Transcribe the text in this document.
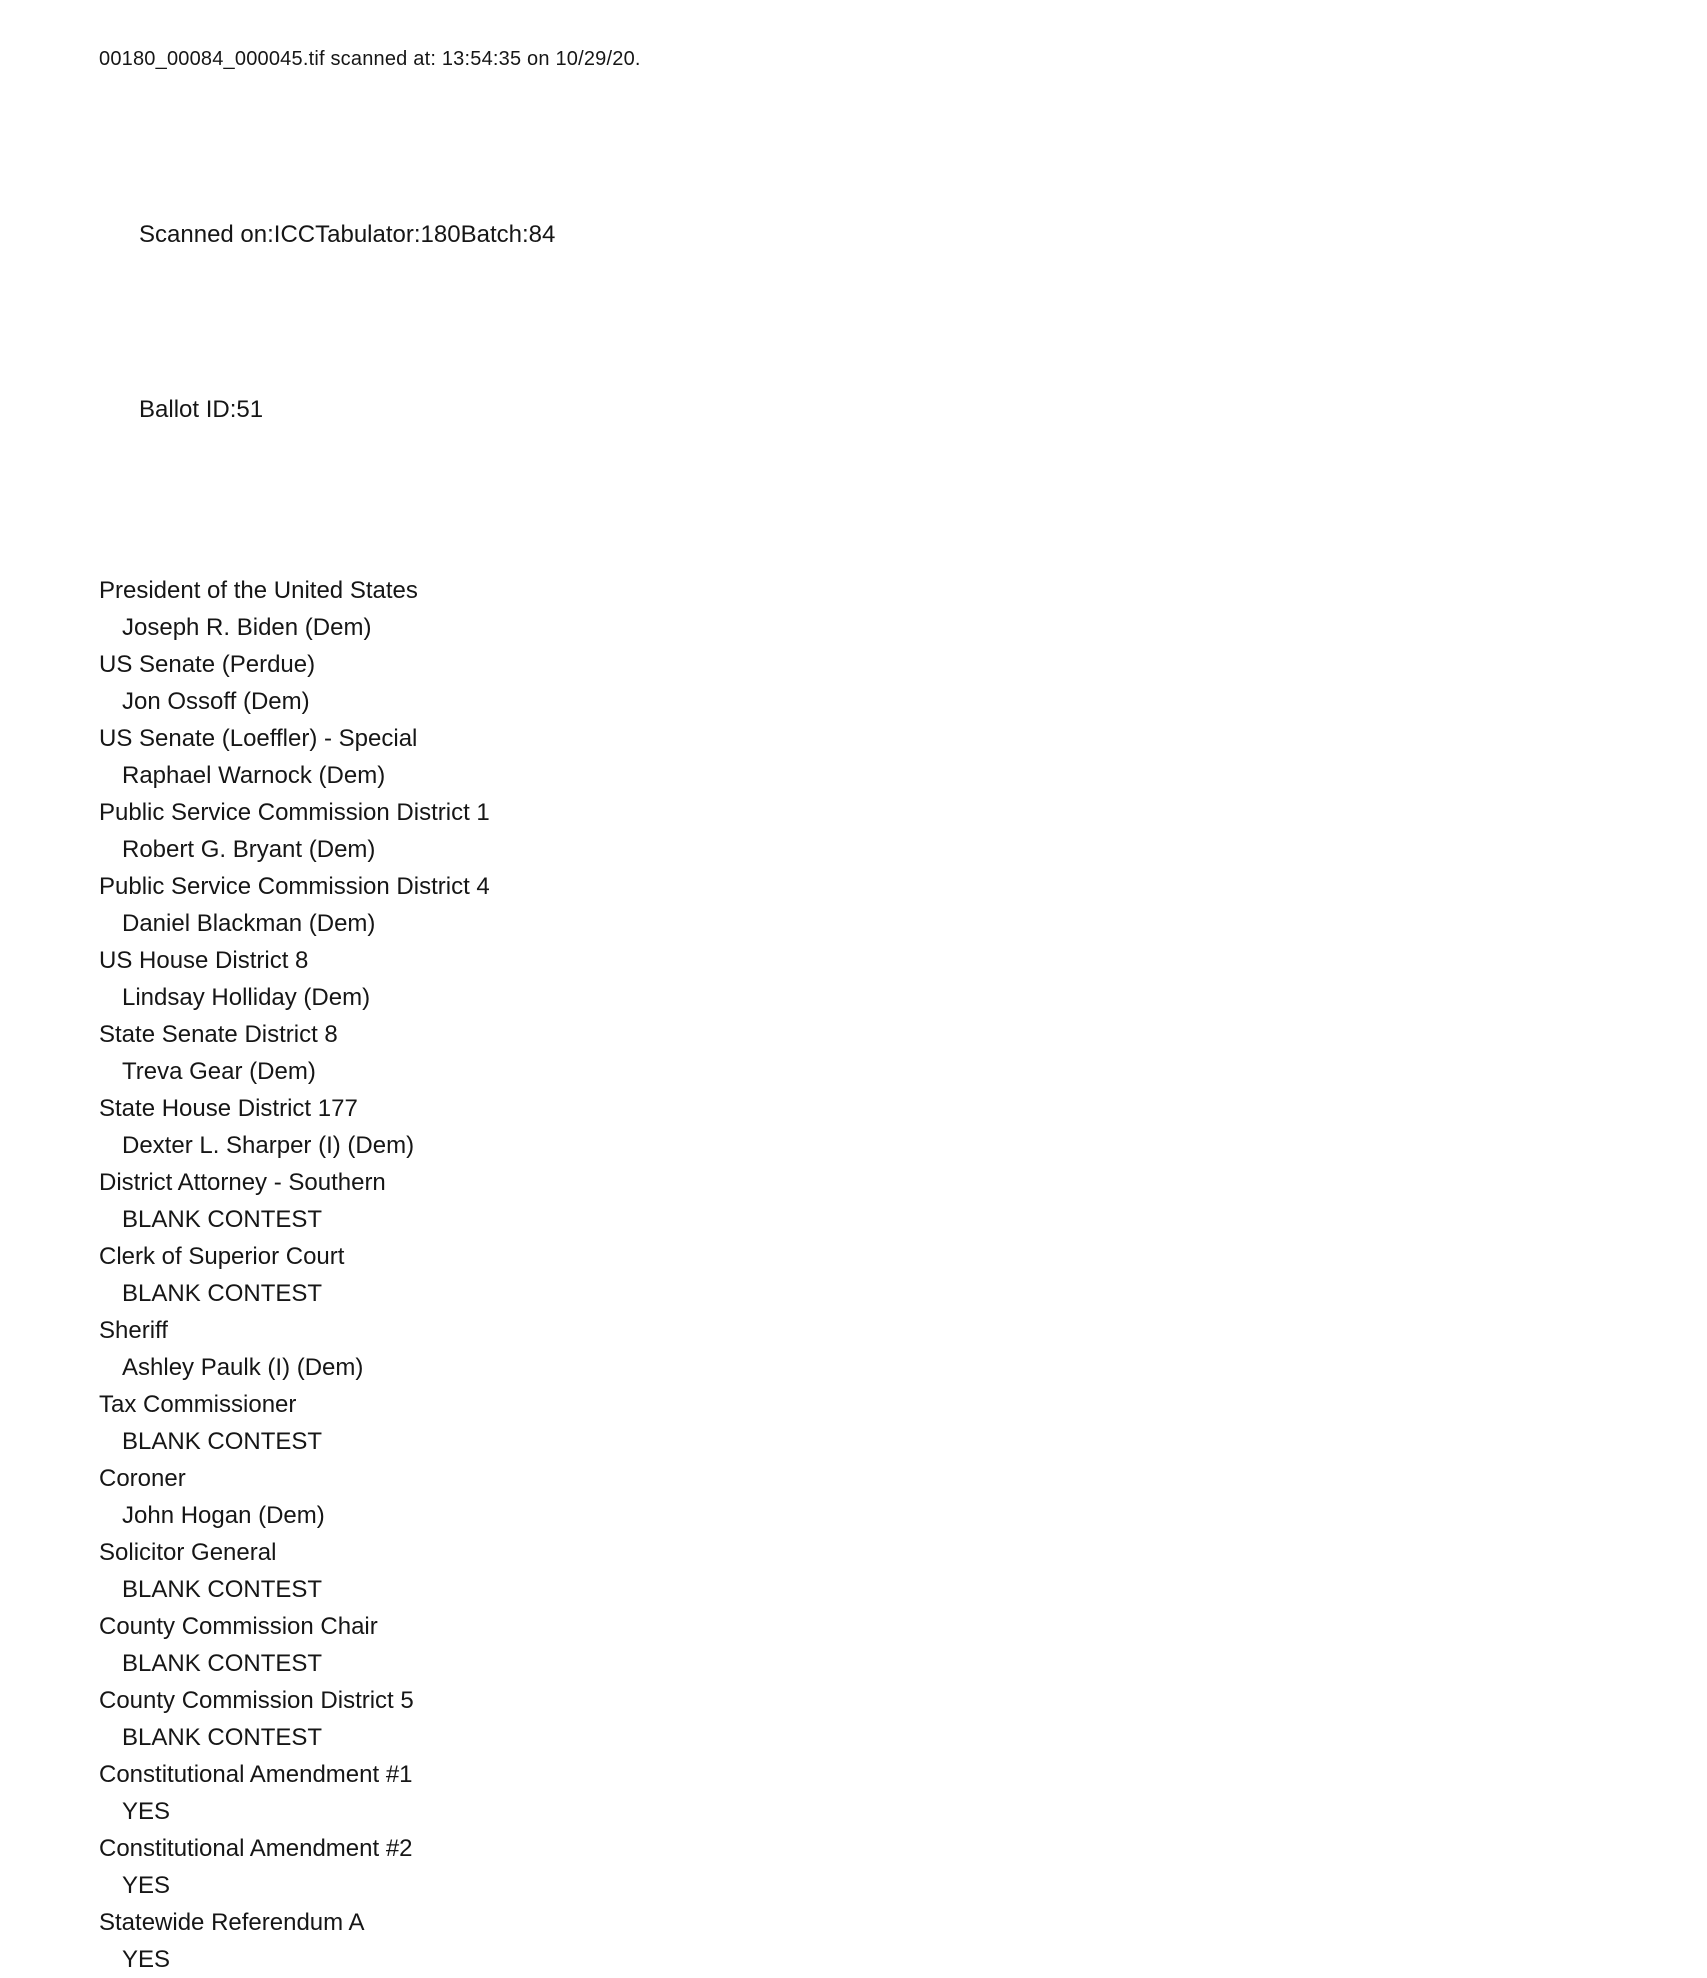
00180_00084_000045.tif scanned at: 13:54:35 on 10/29/20.

Scanned on:ICCTabulator:180Batch:84

Ballot ID:51

President of the United States
Joseph R. Biden (Dem)
US Senate (Perdue)
Jon Ossoff (Dem)
US Senate (Loeffler) - Special
Raphael Warnock (Dem)
Public Service Commission District 1
Robert G. Bryant (Dem)
Public Service Commission District 4
Daniel Blackman (Dem)
US House District 8
Lindsay Holliday (Dem)
State Senate District 8
Treva Gear (Dem)
State House District 177
Dexter L. Sharper (I) (Dem)
District Attorney - Southern
BLANK CONTEST
Clerk of Superior Court
BLANK CONTEST
Sheriff
Ashley Paulk (I) (Dem)
Tax Commissioner
BLANK CONTEST
Coroner
John Hogan (Dem)
Solicitor General
BLANK CONTEST
County Commission Chair
BLANK CONTEST
County Commission District 5
BLANK CONTEST
Constitutional Amendment #1
YES
Constitutional Amendment #2
YES
Statewide Referendum A
YES
